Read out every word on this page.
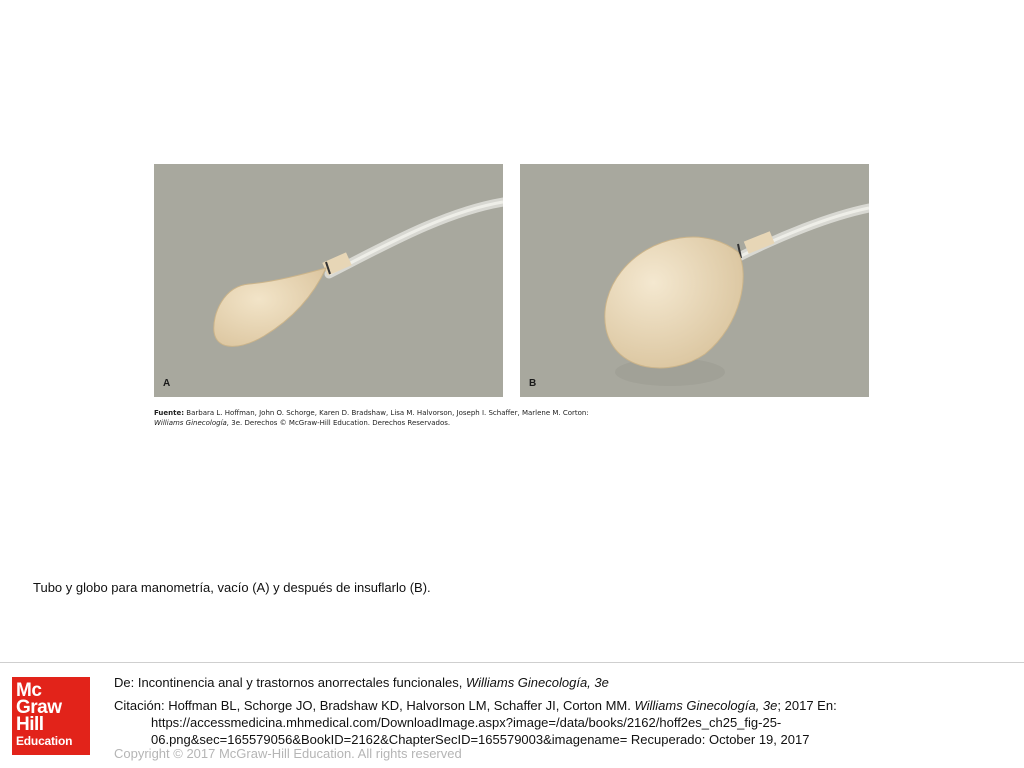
A	B
Fuente: Barbara L. Hoffman, John O. Schorge, Karen D. Bradshaw, Lisa M. Halvorson, Joseph I. Schaffer, Marlene M. Corton:
Williams Ginecología, 3e. Derechos © McGraw-Hill Education. Derechos Reservados.
Tubo y globo para manometría, vacío (A) y después de insuflarlo (B).
Mc
Graw
Hill
Education
De: Incontinencia anal y trastornos anorrectales funcionales, Williams Ginecología, 3e
Citación: Hoffman BL, Schorge JO, Bradshaw KD, Halvorson LM, Schaffer JI, Corton MM. Williams Ginecología, 3e; 2017 En: https://accessmedicina.mhmedical.com/DownloadImage.aspx?image=/data/books/2162/hoff2es_ch25_fig-25-06.png&sec=165579056&BookID=2162&ChapterSecID=165579003&imagename= Recuperado: October 19, 2017
Copyright © 2017 McGraw-Hill Education. All rights reserved
